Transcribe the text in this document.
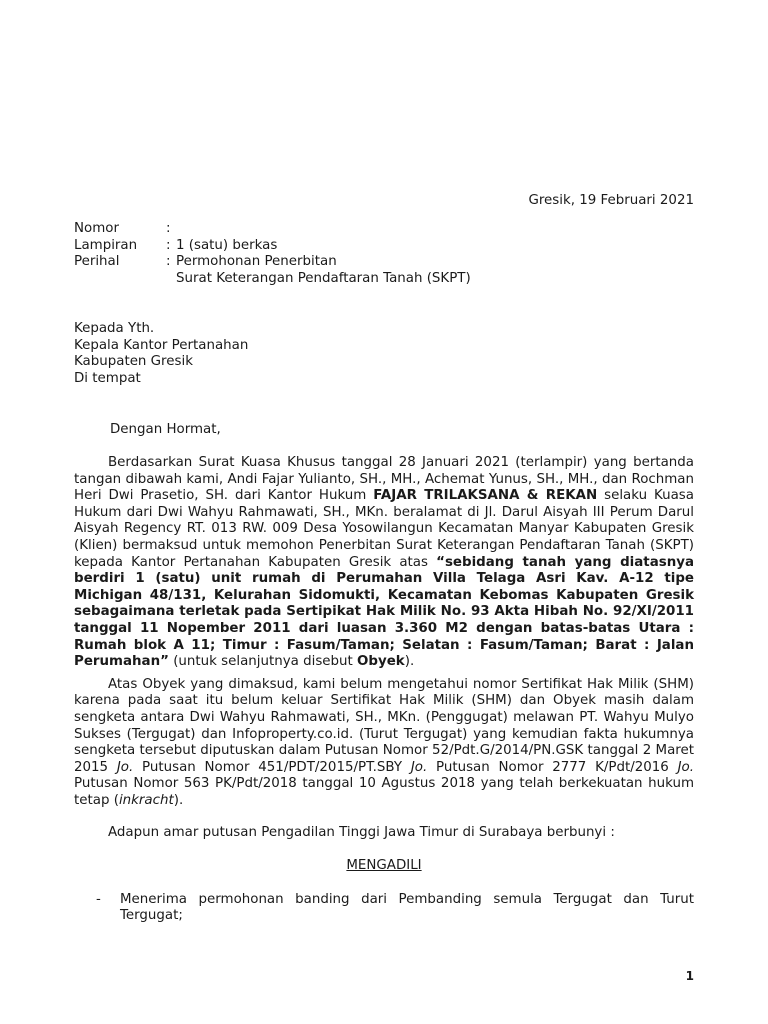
Gresik, 19 Februari 2021
Nomor	:
Lampiran	: 1 (satu) berkas
Perihal	: Permohonan Penerbitan
Surat Keterangan Pendaftaran Tanah (SKPT)
Kepada Yth.
Kepala Kantor Pertanahan
Kabupaten Gresik
Di tempat
Dengan Hormat,

Berdasarkan Surat Kuasa Khusus tanggal 28 Januari 2021 (terlampir) yang bertanda tangan dibawah kami, Andi Fajar Yulianto, SH., MH., Achemat Yunus, SH., MH., dan Rochman Heri Dwi Prasetio, SH. dari Kantor Hukum FAJAR TRILAKSANA & REKAN selaku Kuasa Hukum dari Dwi Wahyu Rahmawati, SH., MKn. beralamat di Jl. Darul Aisyah III Perum Darul Aisyah Regency RT. 013 RW. 009 Desa Yosowilangun Kecamatan Manyar Kabupaten Gresik (Klien) bermaksud untuk memohon Penerbitan Surat Keterangan Pendaftaran Tanah (SKPT) kepada Kantor Pertanahan Kabupaten Gresik atas “sebidang tanah yang diatasnya berdiri 1 (satu) unit rumah di Perumahan Villa Telaga Asri Kav. A-12 tipe Michigan 48/131, Kelurahan Sidomukti, Kecamatan Kebomas Kabupaten Gresik sebagaimana terletak pada Sertipikat Hak Milik No. 93 Akta Hibah No. 92/XI/2011 tanggal 11 Nopember 2011 dari luasan 3.360 M2 dengan batas-batas Utara : Rumah blok A 11; Timur : Fasum/Taman; Selatan : Fasum/Taman; Barat : Jalan Perumahan” (untuk selanjutnya disebut Obyek).

Atas Obyek yang dimaksud, kami belum mengetahui nomor Sertifikat Hak Milik (SHM) karena pada saat itu belum keluar Sertifikat Hak Milik (SHM) dan Obyek masih dalam sengketa antara Dwi Wahyu Rahmawati, SH., MKn. (Penggugat) melawan PT. Wahyu Mulyo Sukses (Tergugat) dan Infoproperty.co.id. (Turut Tergugat) yang kemudian fakta hukumnya sengketa tersebut diputuskan dalam Putusan Nomor 52/Pdt.G/2014/PN.GSK tanggal 2 Maret 2015 Jo. Putusan Nomor 451/PDT/2015/PT.SBY Jo. Putusan Nomor 2777 K/Pdt/2016 Jo. Putusan Nomor 563 PK/Pdt/2018 tanggal 10 Agustus 2018 yang telah berkekuatan hukum tetap (inkracht).

Adapun amar putusan Pengadilan Tinggi Jawa Timur di Surabaya berbunyi :

MENGADILI
-	Menerima permohonan banding dari Pembanding semula Tergugat dan Turut Tergugat;
1
